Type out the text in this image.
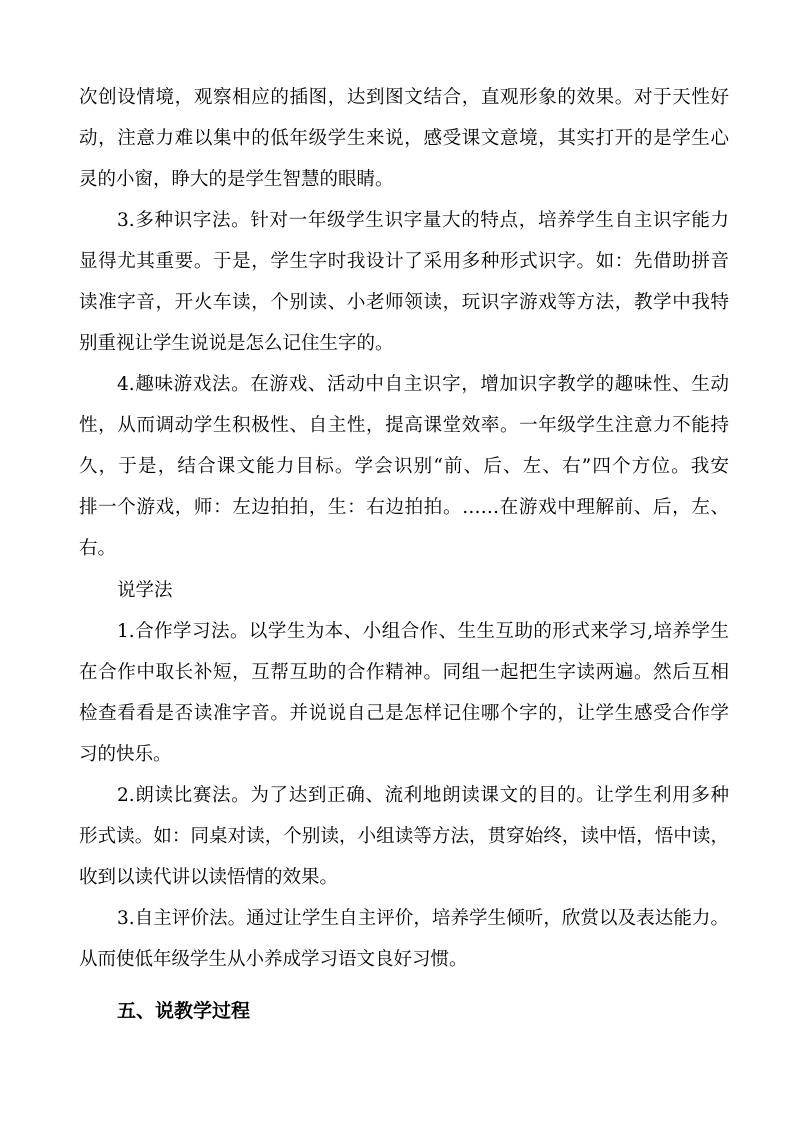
次创设情境，观察相应的插图，达到图文结合，直观形象的效果。对于天性好
动，注意力难以集中的低年级学生来说，感受课文意境，其实打开的是学生心
灵的小窗，睁大的是学生智慧的眼睛。
3.多种识字法。针对一年级学生识字量大的特点，培养学生自主识字能力
显得尤其重要。于是，学生字时我设计了采用多种形式识字。如：先借助拼音
读准字音，开火车读，个别读、小老师领读，玩识字游戏等方法，教学中我特
别重视让学生说说是怎么记住生字的。
4.趣味游戏法。在游戏、活动中自主识字，增加识字教学的趣味性、生动
性，从而调动学生积极性、自主性，提高课堂效率。一年级学生注意力不能持
久，于是，结合课文能力目标。学会识别“前、后、左、右”四个方位。我安
排一个游戏，师：左边拍拍，生：右边拍拍。……在游戏中理解前、后，左、
右。
说学法
1.合作学习法。以学生为本、小组合作、生生互助的形式来学习,培养学生
在合作中取长补短，互帮互助的合作精神。同组一起把生字读两遍。然后互相
检查看看是否读准字音。并说说自己是怎样记住哪个字的，让学生感受合作学
习的快乐。
2.朗读比赛法。为了达到正确、流利地朗读课文的目的。让学生利用多种
形式读。如：同桌对读，个别读，小组读等方法，贯穿始终，读中悟，悟中读，
收到以读代讲以读悟情的效果。
3.自主评价法。通过让学生自主评价，培养学生倾听，欣赏以及表达能力。
从而使低年级学生从小养成学习语文良好习惯。
五、说教学过程
